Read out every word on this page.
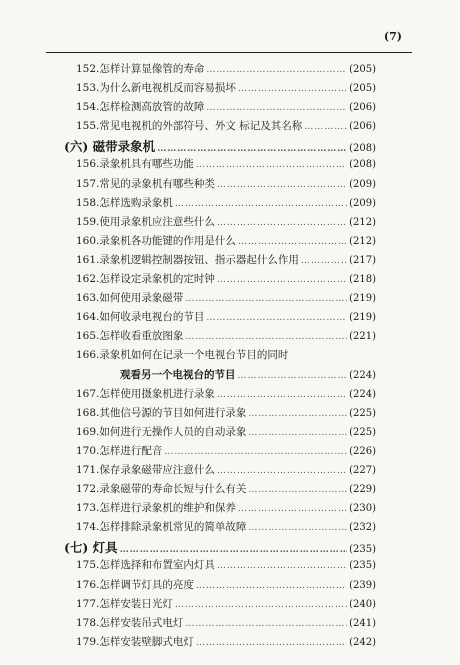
(7)
152.怎样计算显像管的寿命 ………………………………………………………………………………………………	(205)
153.为什么新电视机反而容易损坏 ………………………………………………………………………………………………	(205)
154.怎样检测高放管的故障 ………………………………………………………………………………………………	(206)
155.常见电视机的外部符号、外文 标记及其名称 ………………………………………………………………………………………………	(206)
(六) 磁带录象机 ………………………………………………………………………………………………	(208)
156.录象机具有哪些功能 ………………………………………………………………………………………………	(208)
157.常见的录象机有哪些种类 ………………………………………………………………………………………………	(209)
158.怎样选购录象机 ………………………………………………………………………………………………	(209)
159.使用录象机应注意些什么 ………………………………………………………………………………………………	(212)
160.录象机各功能键的作用是什么 ………………………………………………………………………………………………	(212)
161.录象机逻辑控制器按钮、指示器起什么作用 ………………………………………………………………………………………………	(217)
162.怎样设定录象机的定时钟 ………………………………………………………………………………………………	(218)
163.如何使用录象磁带 ………………………………………………………………………………………………	(219)
164.如何收录电视台的节目 ………………………………………………………………………………………………	(219)
165.怎样收看重放图象 ………………………………………………………………………………………………	(221)
166.录象机如何在记录一个电视台节目的同时
观看另一个电视台的节目 ………………………………………………………………………………………………	(224)
167.怎样使用摄象机进行录象 ………………………………………………………………………………………………	(224)
168.其他信号源的节目如何进行录象 ………………………………………………………………………………………………	(225)
169.如何进行无操作人员的自动录象 ………………………………………………………………………………………………	(225)
170.怎样进行配音 ………………………………………………………………………………………………	(226)
171.保存录象磁带应注意什么 ………………………………………………………………………………………………	(227)
172.录象磁带的寿命长短与什么有关 ………………………………………………………………………………………………	(229)
173.怎样进行录象机的维护和保养 ………………………………………………………………………………………………	(230)
174.怎样排除录象机常见的简单故障 ………………………………………………………………………………………………	(232)
(七) 灯具 ………………………………………………………………………………………………	(235)
175.怎样选择和布置室内灯具 ………………………………………………………………………………………………	(235)
176.怎样调节灯具的亮度 ………………………………………………………………………………………………	(239)
177.怎样安装日光灯 ………………………………………………………………………………………………	(240)
178.怎样安装吊式电灯 ………………………………………………………………………………………………	(241)
179.怎样安装壁脚式电灯 ………………………………………………………………………………………………	(242)
